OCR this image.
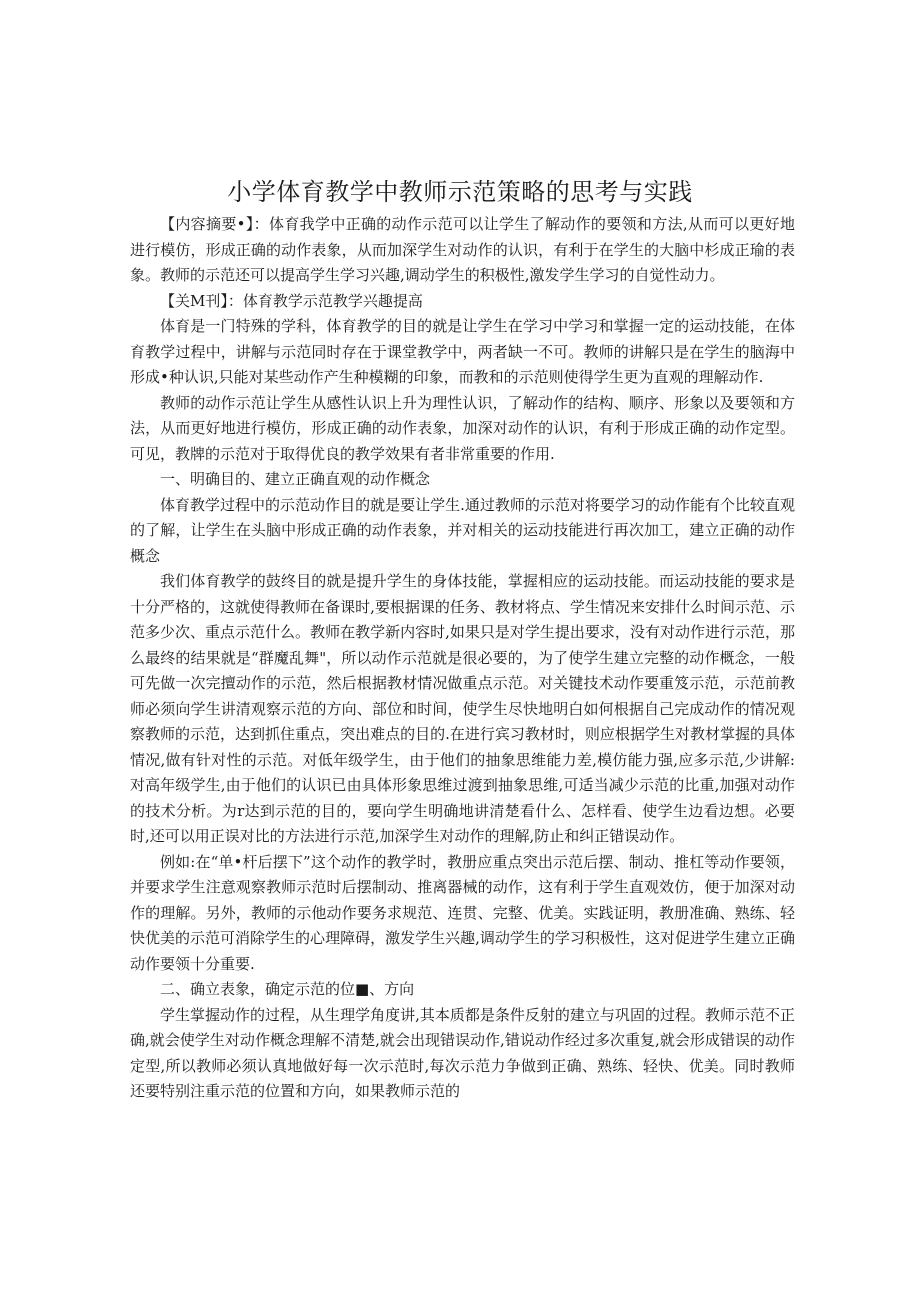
小学体育教学中教师示范策略的思考与实践

【内容摘要•】：体育我学中正确的动作示范可以让学生了解动作的要领和方法,从而可以更好地进行模仿，形成正确的动作表象，从而加深学生对动作的认识，有利于在学生的大脑中杉成正瑜的表象。教师的示范还可以提高学生学习兴趣,调动学生的积极性,激发学生学习的自觉性动力。

【关M刊】：体育教学示范教学兴趣提高

体育是一门特殊的学科，体育教学的目的就是让学生在学习中学习和掌握一定的运动技能，在体育教学过程中，讲解与示范同时存在于课堂教学中，两者缺一不可。教师的讲解只是在学生的脑海中形成•种认识,只能对某些动作产生种模糊的印象，而教和的示范则使得学生更为直观的理解动作.

教师的动作示范让学生从感性认识上升为理性认识，了解动作的结构、顺序、形象以及要领和方法，从而更好地进行模仿，形成正确的动作表象，加深对动作的认识，有利于形成正确的动作定型。可见，教牌的示范对于取得优良的教学效果有者非常重要的作用.

一、明确目的、建立正确直观的动作概念

体育教学过程中的示范动作目的就是要让学生.通过教师的示范对将要学习的动作能有个比较直观的了解，让学生在头脑中形成正确的动作表象，并对相关的运动技能进行再次加工，建立正确的动作概念

我们体育教学的鼓终目的就是提升学生的身体技能，掌握相应的运动技能。而运动技能的要求是十分严格的，这就使得教师在备课时,要根据课的任务、教材将点、学生情况来安排什么时间示范、示范多少次、重点示范什么。教师在教学新内容时,如果只是对学生提出要求，没有对动作进行示范，那么最终的结果就是“群魔乱舞"，所以动作示范就是很必要的，为了使学生建立完整的动作概念，一般可先做一次完擅动作的示范，然后根据教材情况做重点示范。对关键技术动作要重笈示范，示范前教师必须向学生讲清观察示范的方向、部位和时间，使学生尽快地明白如何根据自己完成动作的情况观察教师的示范，达到抓住重点，突出难点的目的.在进行宾习教材时，则应根据学生对教材掌握的具体情况,做有针对性的示范。对低年级学生，由于他们的抽象思维能力差,模仿能力强,应多示范,少讲解:对高年级学生,由于他们的认识已由具体形象思维过渡到抽象思维,可适当减少示范的比重,加强对动作的技术分析。为r达到示范的目的，要向学生明确地讲清楚看什么、怎样看、使学生边看边想。必要时,还可以用正误对比的方法进行示范,加深学生对动作的理解,防止和纠正错误动作。

例如:在“单•杆后摆下”这个动作的教学时，教册应重点突出示范后摆、制动、推杠等动作要领，并要求学生注意观察教师示范时后摆制动、推离器械的动作，这有利于学生直观效仿，便于加深对动作的理解。另外，教师的示他动作要务求规范、连贯、完整、优美。实践证明，教册准确、熟练、轻快优美的示范可消除学生的心理障碍，激发学生兴趣,调动学生的学习积极性，这对促进学生建立正确动作要领十分重要.

二、确立表象，确定示范的位■、方向

学生掌握动作的过程，从生理学角度讲,其本质都是条件反射的建立与巩固的过程。教师示范不正确,就会使学生对动作概念理解不清楚,就会出现错误动作,错说动作经过多次重复,就会形成错误的动作定型,所以教师必须认真地做好每一次示范时,每次示范力争做到正确、熟练、轻快、优美。同时教师还要特别注重示范的位置和方向，如果教师示范的
